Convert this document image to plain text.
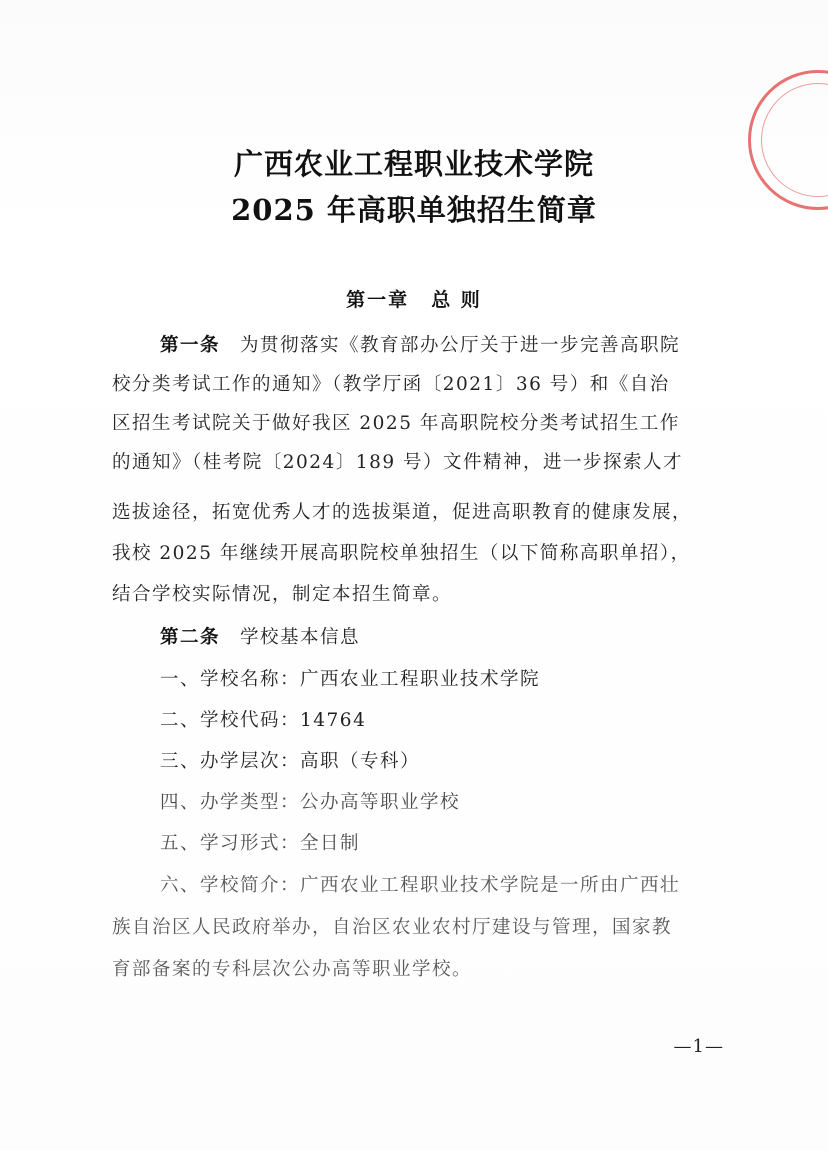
广西农业工程职业技术学院
2025 年高职单独招生简章
第一章 总 则
第一条 为贯彻落实《教育部办公厅关于进一步完善高职院
校分类考试工作的通知》（教学厅函〔2021〕36 号）和《自治
区招生考试院关于做好我区 2025 年高职院校分类考试招生工作
的通知》（桂考院〔2024〕189 号）文件精神，进一步探索人才
选拔途径，拓宽优秀人才的选拔渠道，促进高职教育的健康发展，
我校 2025 年继续开展高职院校单独招生（以下简称高职单招），
结合学校实际情况，制定本招生简章。
第二条 学校基本信息
一、学校名称：广西农业工程职业技术学院
二、学校代码：14764
三、办学层次：高职（专科）
四、办学类型：公办高等职业学校
五、学习形式：全日制
六、学校简介：广西农业工程职业技术学院是一所由广西壮
族自治区人民政府举办，自治区农业农村厅建设与管理，国家教
育部备案的专科层次公办高等职业学校。
—1—
